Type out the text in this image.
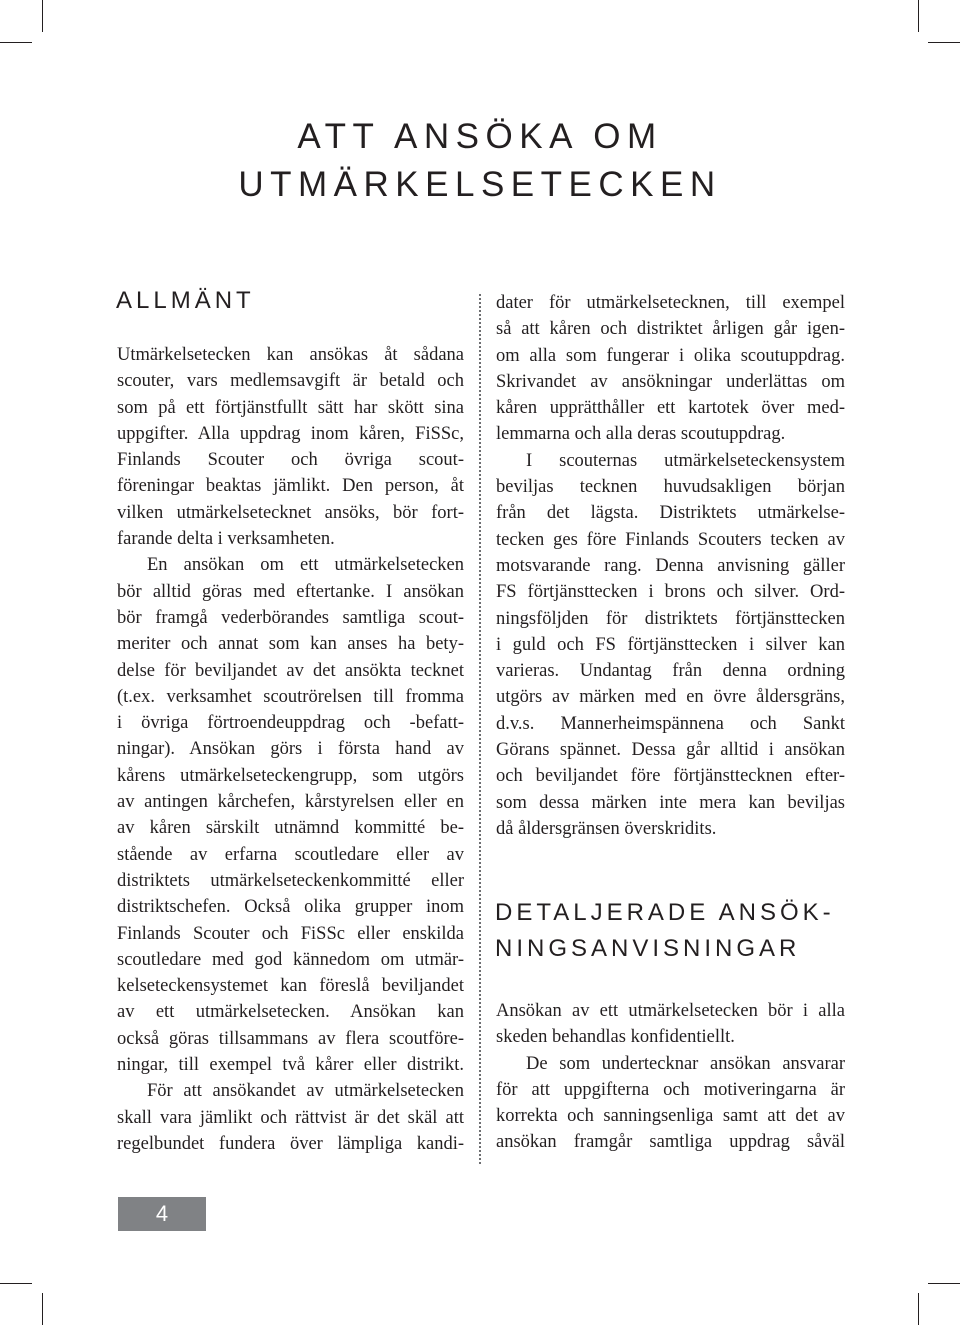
ATT ANSÖKA OM
UTMÄRKELSETECKEN
ALLMÄNT
Utmärkelsetecken kan ansökas åt sådana
scouter, vars medlemsavgift är betald och
som på ett förtjänstfullt sätt har skött sina
uppgifter. Alla uppdrag inom kåren, FiSSc,
Finlands Scouter och övriga scout-
föreningar beaktas jämlikt. Den person, åt
vilken utmärkelsetecknet ansöks, bör fort-
farande delta i verksamheten.
En ansökan om ett utmärkelsetecken
bör alltid göras med eftertanke. I ansökan
bör framgå vederbörandes samtliga scout-
meriter och annat som kan anses ha bety-
delse för beviljandet av det ansökta tecknet
(t.ex. verksamhet scoutrörelsen till fromma
i övriga förtroendeuppdrag och -befatt-
ningar). Ansökan görs i första hand av
kårens utmärkelseteckengrupp, som utgörs
av antingen kårchefen, kårstyrelsen eller en
av kåren särskilt utnämnd kommitté be-
stående av erfarna scoutledare eller av
distriktets utmärkelseteckenkommitté eller
distriktschefen. Också olika grupper inom
Finlands Scouter och FiSSc eller enskilda
scoutledare med god kännedom om utmär-
kelseteckensystemet kan föreslå beviljandet
av ett utmärkelsetecken. Ansökan kan
också göras tillsammans av flera scoutföre-
ningar, till exempel två kårer eller distrikt.
För att ansökandet av utmärkelsetecken
skall vara jämlikt och rättvist är det skäl att
regelbundet fundera över lämpliga kandi-
dater för utmärkelsetecknen, till exempel
så att kåren och distriktet årligen går igen-
om alla som fungerar i olika scoutuppdrag.
Skrivandet av ansökningar underlättas om
kåren upprätthåller ett kartotek över med-
lemmarna och alla deras scoutuppdrag.
I scouternas utmärkelseteckensystem
beviljas tecknen huvudsakligen början
från det lägsta. Distriktets utmärkelse-
tecken ges före Finlands Scouters tecken av
motsvarande rang. Denna anvisning gäller
FS förtjänsttecken i brons och silver. Ord-
ningsföljden för distriktets förtjänsttecken
i guld och FS förtjänsttecken i silver kan
varieras. Undantag från denna ordning
utgörs av märken med en övre åldersgräns,
d.v.s. Mannerheimspännena och Sankt
Görans spännet. Dessa går alltid i ansökan
och beviljandet före förtjänsttecknen efter-
som dessa märken inte mera kan beviljas
då åldersgränsen överskridits.
DETALJERADE ANSÖK-
NINGSANVISNINGAR
Ansökan av ett utmärkelsetecken bör i alla
skeden behandlas konfidentiellt.
De som undertecknar ansökan ansvarar
för att uppgifterna och motiveringarna är
korrekta och sanningsenliga samt att det av
ansökan framgår samtliga uppdrag såväl
4
